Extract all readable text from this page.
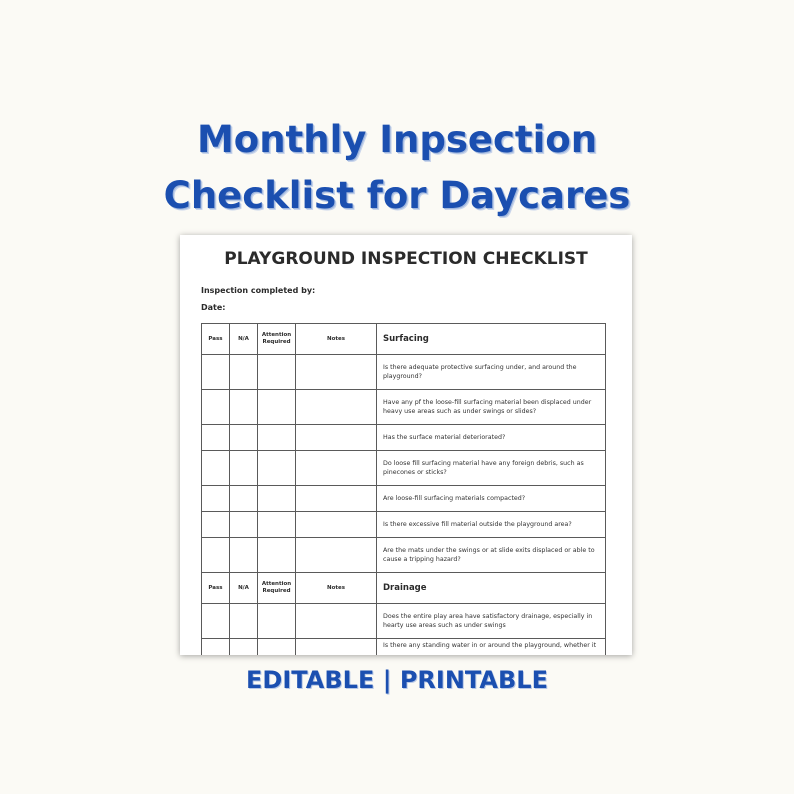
Monthly Inpsection
Checklist for Daycares
PLAYGROUND INSPECTION CHECKLIST
Inspection completed by:
Date:
Pass	N/A	Attention Required	Notes	Surfacing
				Is there adequate protective surfacing under, and around the playground?
				Have any pf the loose-fill surfacing material been displaced under heavy use areas such as under swings or slides?
				Has the surface material deteriorated?
				Do loose fill surfacing material have any foreign debris, such as pinecones or sticks?
				Are loose-fill surfacing materials compacted?
				Is there excessive fill material outside the playground area?
				Are the mats under the swings or at slide exits displaced or able to cause a tripping hazard?
Pass	N/A	Attention Required	Notes	Drainage
				Does the entire play area have satisfactory drainage, especially in hearty use areas such as under swings
				Is there any standing water in or around the playground, whether it
EDITABLE | PRINTABLE
